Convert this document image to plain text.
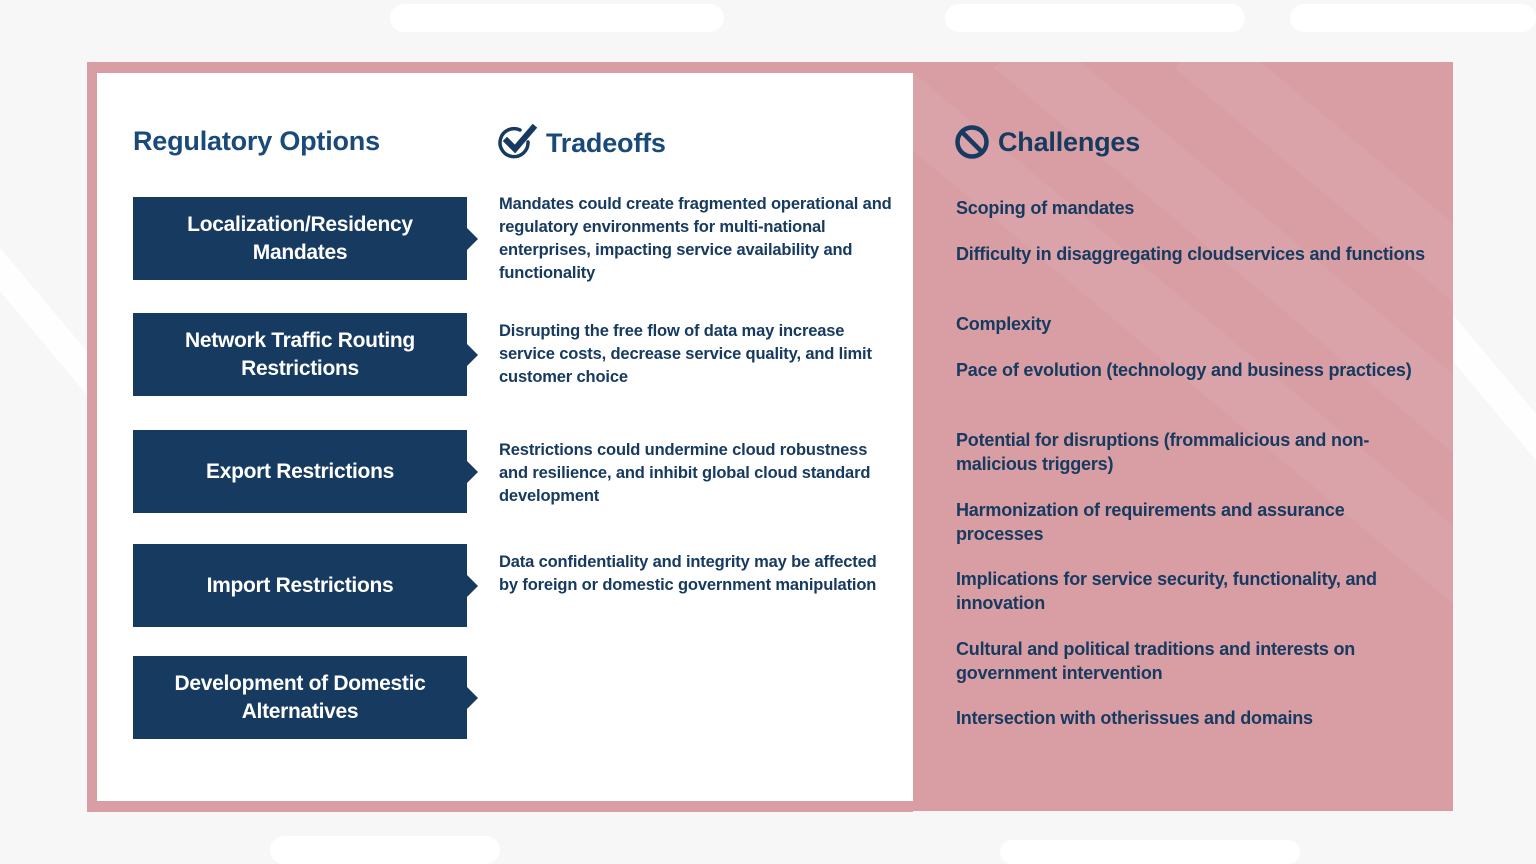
Regulatory Options	Tradeoffs	Challenges
Localization/Residency Mandates
Network Traffic Routing Restrictions
Export Restrictions
Import Restrictions
Development of Domestic Alternatives
Mandates could create fragmented operational and regulatory environments for multi-national enterprises, impacting service availability and functionality
Disrupting the free flow of data may increase service costs, decrease service quality, and limit customer choice
Restrictions could undermine cloud robustness and resilience, and inhibit global cloud standard development
Data confidentiality and integrity may be affected by foreign or domestic government manipulation
Scoping of mandates
Difficulty in disaggregating cloudservices and functions
Complexity
Pace of evolution (technology and business practices)
Potential for disruptions (frommalicious and non-malicious triggers)
Harmonization of requirements and assurance processes
Implications for service security, functionality, and innovation
Cultural and political traditions and interests on government intervention
Intersection with otherissues and domains
